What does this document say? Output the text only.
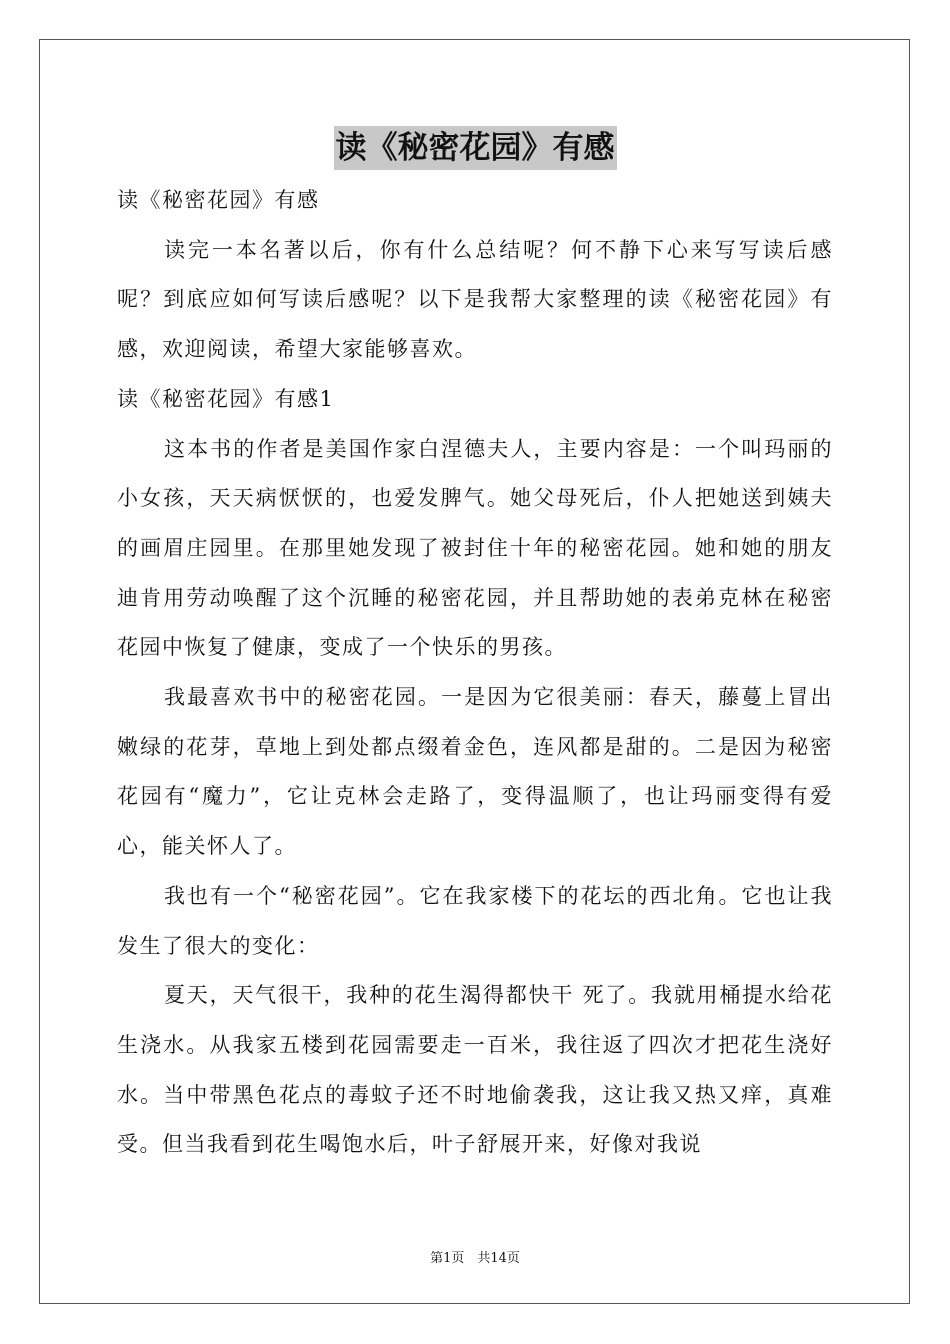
读《秘密花园》有感

读《秘密花园》有感

读完一本名著以后，你有什么总结呢？何不静下心来写写读后感呢？到底应如何写读后感呢？以下是我帮大家整理的读《秘密花园》有感，欢迎阅读，希望大家能够喜欢。

读《秘密花园》有感1

这本书的作者是美国作家白涅德夫人，主要内容是：一个叫玛丽的小女孩，天天病恹恹的，也爱发脾气。她父母死后，仆人把她送到姨夫的画眉庄园里。在那里她发现了被封住十年的秘密花园。她和她的朋友迪肯用劳动唤醒了这个沉睡的秘密花园，并且帮助她的表弟克林在秘密花园中恢复了健康，变成了一个快乐的男孩。

我最喜欢书中的秘密花园。一是因为它很美丽：春天，藤蔓上冒出嫩绿的花芽，草地上到处都点缀着金色，连风都是甜的。二是因为秘密花园有“魔力”，它让克林会走路了，变得温顺了，也让玛丽变得有爱心，能关怀人了。

我也有一个“秘密花园”。它在我家楼下的花坛的西北角。它也让我发生了很大的变化：

夏天，天气很干，我种的花生渴得都快干 死了。我就用桶提水给花生浇水。从我家五楼到花园需要走一百米，我往返了四次才把花生浇好水。当中带黑色花点的毒蚊子还不时地偷袭我，这让我又热又痒，真难受。但当我看到花生喝饱水后，叶子舒展开来，好像对我说

第1页　共14页
